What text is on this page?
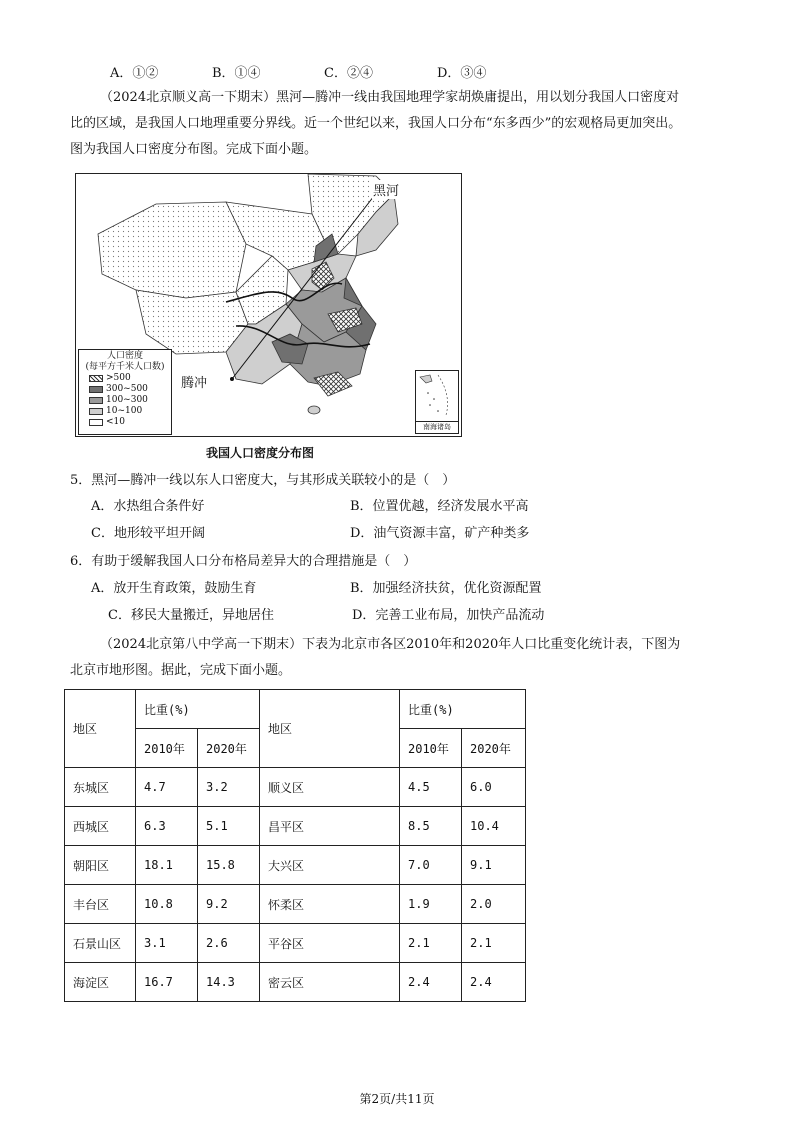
A．①②	B．①④	C．②④	D．③④
（2024北京顺义高一下期末）黑河—腾冲一线由我国地理学家胡焕庸提出，用以划分我国人口密度对
比的区域，是我国人口地理重要分界线。近一个世纪以来，我国人口分布“东多西少”的宏观格局更加突出。
图为我国人口密度分布图。完成下面小题。
黑河
腾冲
人口密度
(每平方千米人口数)
>500
300~500
100~300
10~100
<10	南海诸岛
我国人口密度分布图
5．黑河—腾冲一线以东人口密度大，与其形成关联较小的是（　）
A．水热组合条件好	B．位置优越，经济发展水平高
C．地形较平坦开阔	D．油气资源丰富，矿产种类多
6．有助于缓解我国人口分布格局差异大的合理措施是（　）
A．放开生育政策，鼓励生育	B．加强经济扶贫，优化资源配置
C．移民大量搬迁，异地居住	D．完善工业布局，加快产品流动
（2024北京第八中学高一下期末）下表为北京市各区2010年和2020年人口比重变化统计表，下图为
北京市地形图。据此，完成下面小题。
地区	比重(%)		地区	比重(%)	
	2010年	2020年		2010年	2020年
东城区	4.7	3.2	顺义区	4.5	6.0
西城区	6.3	5.1	昌平区	8.5	10.4
朝阳区	18.1	15.8	大兴区	7.0	9.1
丰台区	10.8	9.2	怀柔区	1.9	2.0
石景山区	3.1	2.6	平谷区	2.1	2.1
海淀区	16.7	14.3	密云区	2.4	2.4
第2页/共11页
